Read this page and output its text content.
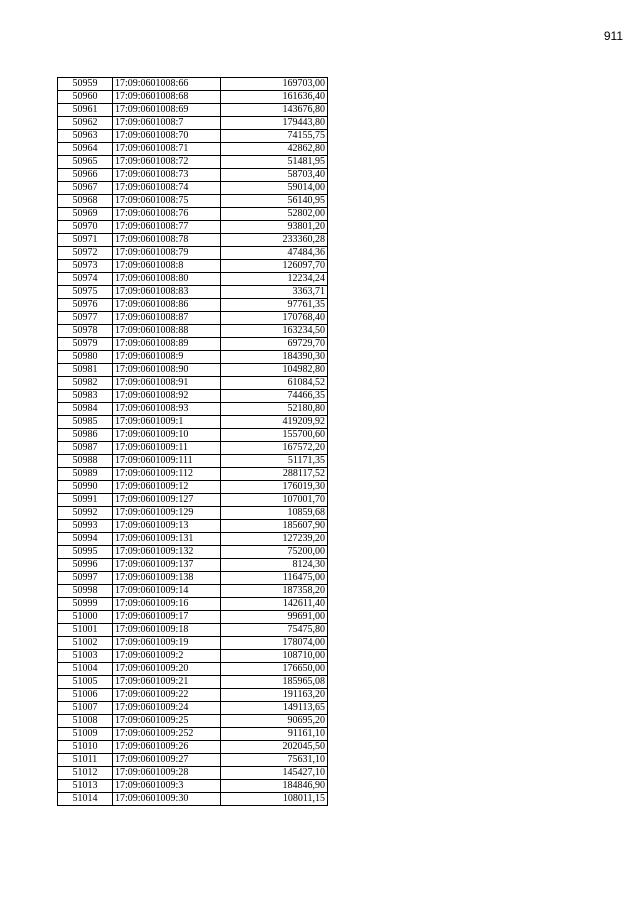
911
50959	17:09:0601008:66	169703,00
50960	17:09:0601008:68	161636,40
50961	17:09:0601008:69	143676,80
50962	17:09:0601008:7	179443,80
50963	17:09:0601008:70	74155,75
50964	17:09:0601008:71	42862,80
50965	17:09:0601008:72	51481,95
50966	17:09:0601008:73	58703,40
50967	17:09:0601008:74	59014,00
50968	17:09:0601008:75	56140,95
50969	17:09:0601008:76	52802,00
50970	17:09:0601008:77	93801,20
50971	17:09:0601008:78	233360,28
50972	17:09:0601008:79	47484,36
50973	17:09:0601008:8	126097,70
50974	17:09:0601008:80	12234,24
50975	17:09:0601008:83	3363,71
50976	17:09:0601008:86	97761,35
50977	17:09:0601008:87	170768,40
50978	17:09:0601008:88	163234,50
50979	17:09:0601008:89	69729,70
50980	17:09:0601008:9	184390,30
50981	17:09:0601008:90	104982,80
50982	17:09:0601008:91	61084,52
50983	17:09:0601008:92	74466,35
50984	17:09:0601008:93	52180,80
50985	17:09:0601009:1	419209,92
50986	17:09:0601009:10	155700,60
50987	17:09:0601009:11	167572,20
50988	17:09:0601009:111	51171,35
50989	17:09:0601009:112	288117,52
50990	17:09:0601009:12	176019,30
50991	17:09:0601009:127	107001,70
50992	17:09:0601009:129	10859,68
50993	17:09:0601009:13	185607,90
50994	17:09:0601009:131	127239,20
50995	17:09:0601009:132	75200,00
50996	17:09:0601009:137	8124,30
50997	17:09:0601009:138	116475,00
50998	17:09:0601009:14	187358,20
50999	17:09:0601009:16	142611,40
51000	17:09:0601009:17	99691,00
51001	17:09:0601009:18	75475,80
51002	17:09:0601009:19	178074,00
51003	17:09:0601009:2	108710,00
51004	17:09:0601009:20	176650,00
51005	17:09:0601009:21	185965,08
51006	17:09:0601009:22	191163,20
51007	17:09:0601009:24	149113,65
51008	17:09:0601009:25	90695,20
51009	17:09:0601009:252	91161,10
51010	17:09:0601009:26	202045,50
51011	17:09:0601009:27	75631,10
51012	17:09:0601009:28	145427,10
51013	17:09:0601009:3	184846,90
51014	17:09:0601009:30	108011,15
